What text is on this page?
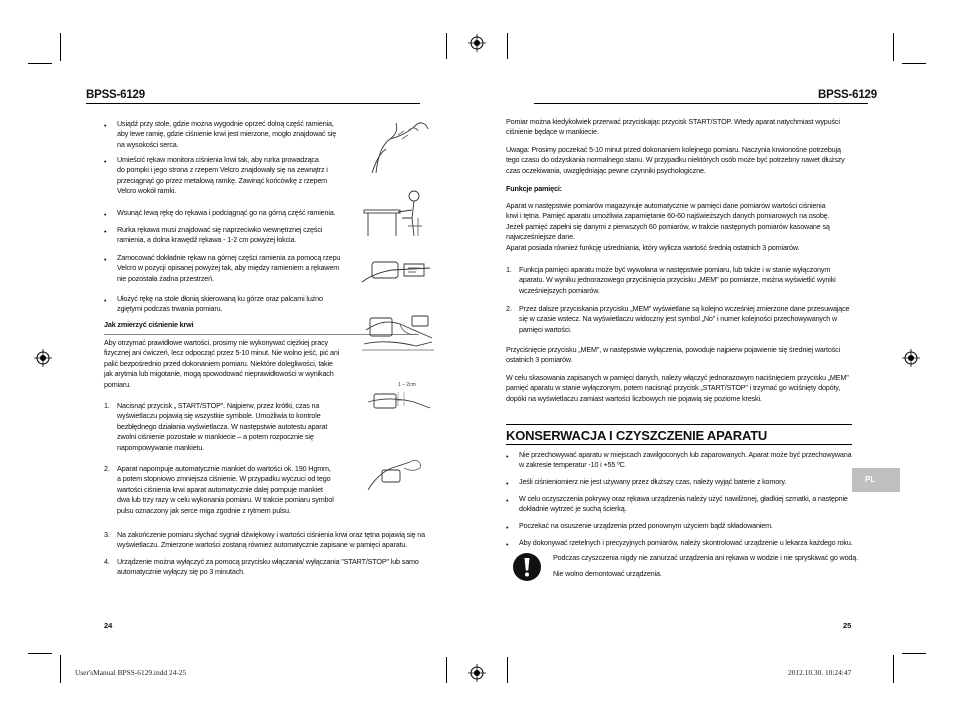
BPSS-6129	BPSS-6129
• Usiądź przy stole, gdzie można wygodnie oprzeć dolną część ramienia,
aby lewe ramię, gdzie ciśnienie krwi jest mierzone, mogło znajdować się
na wysokości serca.
• Umieścić rękaw monitora ciśnienia krwi tak, aby rurka prowadząca
do pompki i jego strona z rzepem Velcro znajdowały się na zewnątrz i
przeciągnąć go przez metalową ramkę. Zawinąć końcówkę z rzepem
Velcro wokół ramki.
• Wsunąć lewą rękę do rękawa i podciągnąć go na górną część ramienia.
• Rurka rękawa musi znajdować się naprzeciwko wewnętrznej części
ramienia, a dolna krawędź rękawa - 1-2 cm powyżej łokcia.
• Zamocować dokładnie rękaw na górnej części ramienia za pomocą rzepu
Velcro w pozycji opisanej powyżej tak, aby między ramieniem a rękawem
nie pozostała żadna przestrzeń.
• Ułożyć rękę na stole dłonią skierowaną ku górze oraz palcami lużno
zgiętymi podczas trwania pomiaru.
Jak zmierzyć ciśnienie krwi
Aby otrzymać prawidłowe wartości, prosimy nie wykonywać ciężkiej pracy
fizycznej ani ćwiczeń, lecz odpocząć przez 5-10 minut. Nie wolno jeść, pić ani
palić bezpośrednio przed dokonaniem pomiaru. Niektóre dolegliwości, takie
jak arytmia lub migotanie, mogą spowodować nieprawidłowości w wynikach
pomiaru.
1. Nacisnąć przycisk „ START/STOP". Najpierw, przez krótki, czas na
wyświetlaczu pojawią się wszystkie symbole. Umożliwia to kontrole
bezbłędnego działania wyświetlacza. W następstwie autotestu aparat
zwolni ciśnienie pozostałe w mankiecie – a potem rozpocznie się
napompowywanie mankietu.
2. Aparat napompuje automatycznie mankiet do wartości ok. 190 Hgmm,
a potem stopniowo zmniejsza ciśnienie. W przypadku wyczuci od tego
wartości ciśnienia krwi aparat automatycznie dalej pompuje mankiet
dwa lub trzy razy w celu wykonania pomiaru. W trakcie pomiaru symbol
pulsu oznaczony jak serce miga zgodnie z rytmem pulsu.
3. Na zakończenie pomiaru słychać sygnał dźwiękowy i wartości ciśnienia krwi oraz tętna pojawią się na
wyświetlaczu. Zmierzone wartości zostaną również automatycznie zapisane w pamięci aparatu.
4. Urządzenie można wyłączyć za pomocą przycisku włączania/ wyłączania "START/STOP" lub samo
automatycznie wyłączy się po 3 minutach.
1 – 2cm
24
Pomiar można kiedykolwiek przerwać przyciskając przycisk START/STOP. Wtedy aparat natychmiast wypuści
ciśnienie będące w mankiecie.
Uwaga: Prosimy poczekać 5-10 minut przed dokonaniem kolejnego pomiaru. Naczynia krwionośne potrzebują
tego czasu do odzyskania normalnego stanu. W przypadku niektórych osób może być potrzebny nawet dłuższy
czas oczekiwania, uwzględniając pewne czynniki psychologiczne.
Funkcje pamięci:
Aparat w następstwie pomiarów magazynuje automatycznie w pamięci dane pomiarów wartości ciśnienia
krwi i tętna. Pamięć aparatu umożliwia zapamiętanie 60-60 najświeższych danych pomiarowych na osobę.
Jeżeli pamięć zapełni się danymi z pierwszych 60 pomiarów, w trakcie następnych pomiarów kasowane są
najwcześniejsze dane.
Aparat posiada również funkcję uśredniania, który wylicza wartość średnią ostatnich 3 pomiarów.
1. Funkcja pamięci aparatu może być wywołana w następstwie pomiaru, lub także i w stanie wyłączonym
aparatu. W wyniku jednorazowego przyciśnięcia przycisku „MEM" po pomiarze, można wyświetlić wyniki
wcześniejszych pomiarów.
2. Przez dalsze przyciskania przycisku „MEM" wyświetlane są kolejno wcześniej zmierzone dane przesuwające
się w czasie wstecz. Na wyświetlaczu widoczny jest symbol „No" i numer kolejności przechowywanych w
pamięci wartości.
Przyciśnięcie przycisku „MEM", w następstwie wyłączenia, powoduje najpierw pojawienie się średniej wartości
ostatnich 3 pomiarów.
W celu skasowania zapisanych w pamięci danych, należy włączyć jednorazowym naciśnięciem przycisku „MEM"
pamięć aparatu w stanie wyłączonym, potem nacisnąć przycisk „START/STOP" i trzymać go wciśnięty dopóty,
dopóki na wyświetlaczu zamiast wartości liczbowych nie pojawią się poziome kreski.
KONSERWACJA I CZYSZCZENIE APARATU
• Nie przechowywać aparatu w miejscach zawilgoconych lub zaparowanych. Aparat może być przechowywana
w zakresie temperatur -10 i +55 ºC.
• Jeśli ciśnieniomierz nie jest używany przez dłuższy czas, należy wyjąć baterie z komory.
• W celu oczyszczenia pokrywy oraz rękawa urządzenia należy użyć nawilżonej, gładkiej szmatki, a następnie
dokładnie wytrzeć je suchą ścierką.
• Poczekać na osuszenie urządzenia przed ponownym użyciem bądź składowaniem.
• Aby dokonywać rzetelnych i precyzyjnych pomiarów, należy skontrolować urządzenie u lekarza każdego roku.
Podczas czyszczenia nigdy nie zanurzać urządzenia ani rękawa w wodzie i nie spryskiwać go wodą.
Nie wolno demontować urządzenia.
PL
25
User'sManual BPSS-6129.indd 24-25	2012.10.30. 10:24:47
